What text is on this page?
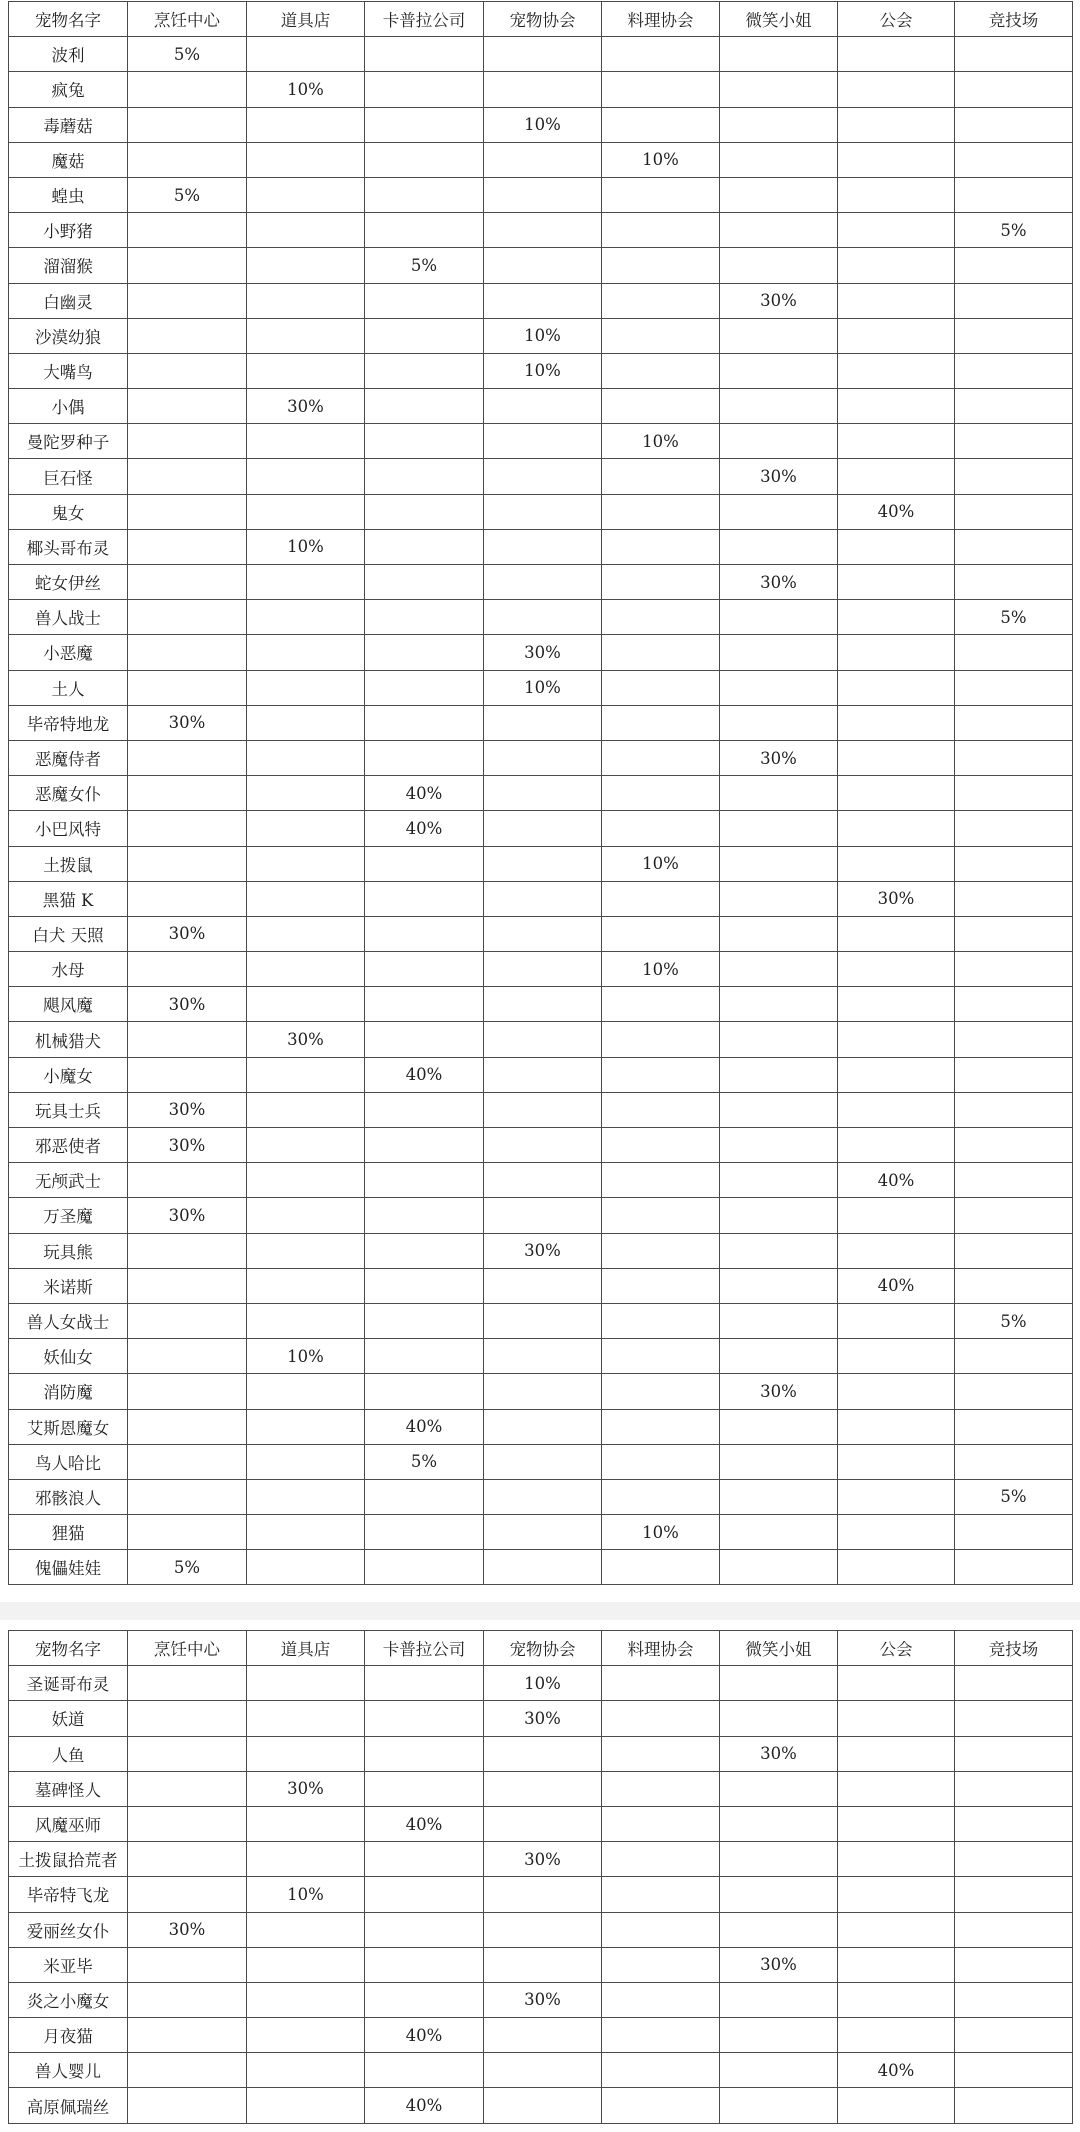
宠物名字	烹饪中心	道具店	卡普拉公司	宠物协会	料理协会	微笑小姐	公会	竞技场
波利	5%							
疯兔		10%						
毒蘑菇				10%				
魔菇					10%			
蝗虫	5%							
小野猪								5%
溜溜猴			5%					
白幽灵						30%		
沙漠幼狼				10%				
大嘴鸟				10%				
小偶		30%						
曼陀罗种子					10%			
巨石怪						30%		
鬼女							40%	
椰头哥布灵		10%						
蛇女伊丝						30%		
兽人战士								5%
小恶魔				30%				
土人				10%				
毕帝特地龙	30%							
恶魔侍者						30%		
恶魔女仆			40%					
小巴风特			40%					
土拨鼠					10%			
黑猫 K							30%	
白犬 天照	30%							
水母					10%			
飓风魔	30%							
机械猎犬		30%						
小魔女			40%					
玩具士兵	30%							
邪恶使者	30%							
无颅武士							40%	
万圣魔	30%							
玩具熊				30%				
米诺斯							40%	
兽人女战士								5%
妖仙女		10%						
消防魔						30%		
艾斯恩魔女			40%					
鸟人哈比			5%					
邪骸浪人								5%
狸猫					10%			
傀儡娃娃	5%							
宠物名字	烹饪中心	道具店	卡普拉公司	宠物协会	料理协会	微笑小姐	公会	竞技场
圣诞哥布灵				10%				
妖道				30%				
人鱼						30%		
墓碑怪人		30%						
风魔巫师			40%					
土拨鼠拾荒者				30%				
毕帝特飞龙		10%						
爱丽丝女仆	30%							
米亚毕						30%		
炎之小魔女				30%				
月夜猫			40%					
兽人婴儿							40%	
高原佩瑞丝			40%					
